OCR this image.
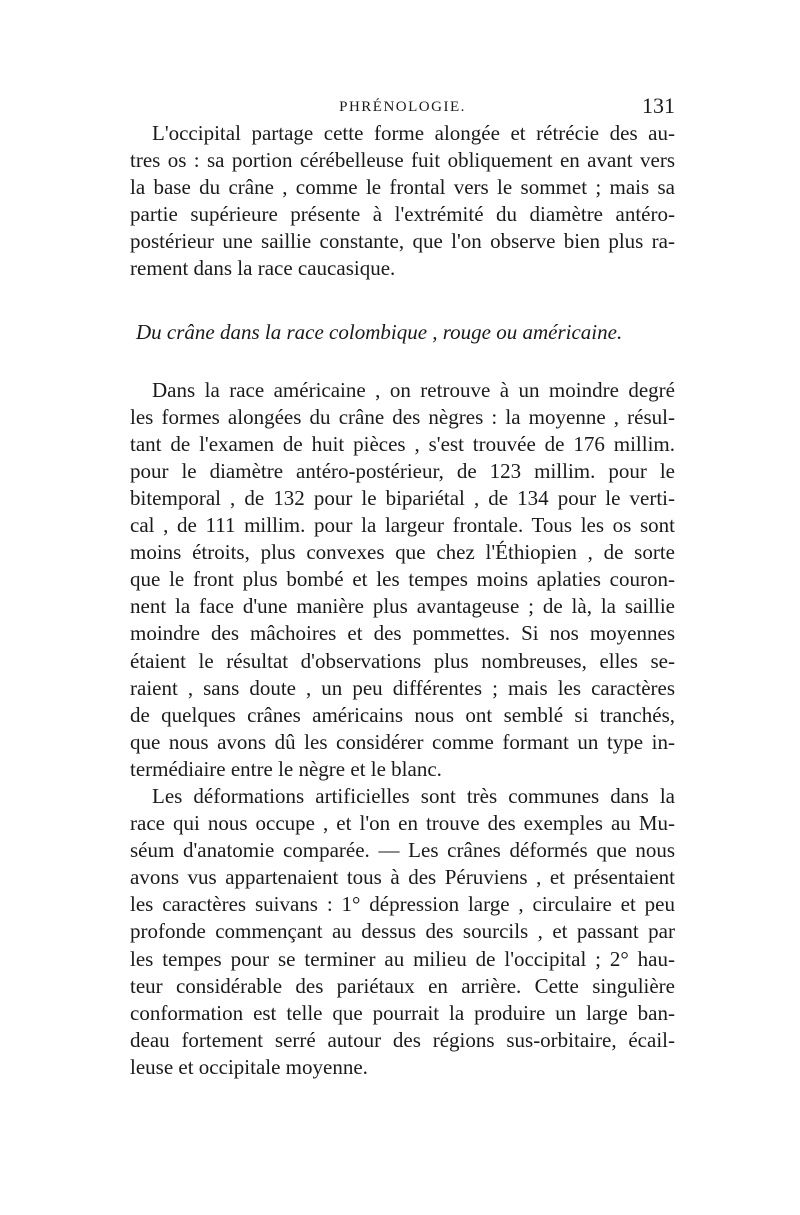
PHRÉNOLOGIE.	131

L'occipital partage cette forme alongée et rétrécie des au-
tres os : sa portion cérébelleuse fuit obliquement en avant vers
la base du crâne , comme le frontal vers le sommet ; mais sa
partie supérieure présente à l'extrémité du diamètre antéro-
postérieur une saillie constante, que l'on observe bien plus ra-
rement dans la race caucasique.

Du crâne dans la race colombique , rouge ou américaine.

Dans la race américaine , on retrouve à un moindre degré
les formes alongées du crâne des nègres : la moyenne , résul-
tant de l'examen de huit pièces , s'est trouvée de 176 millim.
pour le diamètre antéro-postérieur, de 123 millim. pour le
bitemporal , de 132 pour le bipariétal , de 134 pour le verti-
cal , de 111 millim. pour la largeur frontale. Tous les os sont
moins étroits, plus convexes que chez l'Éthiopien , de sorte
que le front plus bombé et les tempes moins aplaties couron-
nent la face d'une manière plus avantageuse ; de là, la saillie
moindre des mâchoires et des pommettes. Si nos moyennes
étaient le résultat d'observations plus nombreuses, elles se-
raient , sans doute , un peu différentes ; mais les caractères
de quelques crânes américains nous ont semblé si tranchés,
que nous avons dû les considérer comme formant un type in-
termédiaire entre le nègre et le blanc.

Les déformations artificielles sont très communes dans la
race qui nous occupe , et l'on en trouve des exemples au Mu-
séum d'anatomie comparée. — Les crânes déformés que nous
avons vus appartenaient tous à des Péruviens , et présentaient
les caractères suivans : 1° dépression large , circulaire et peu
profonde commençant au dessus des sourcils , et passant par
les tempes pour se terminer au milieu de l'occipital ; 2° hau-
teur considérable des pariétaux en arrière. Cette singulière
conformation est telle que pourrait la produire un large ban-
deau fortement serré autour des régions sus-orbitaire, écail-
leuse et occipitale moyenne.
